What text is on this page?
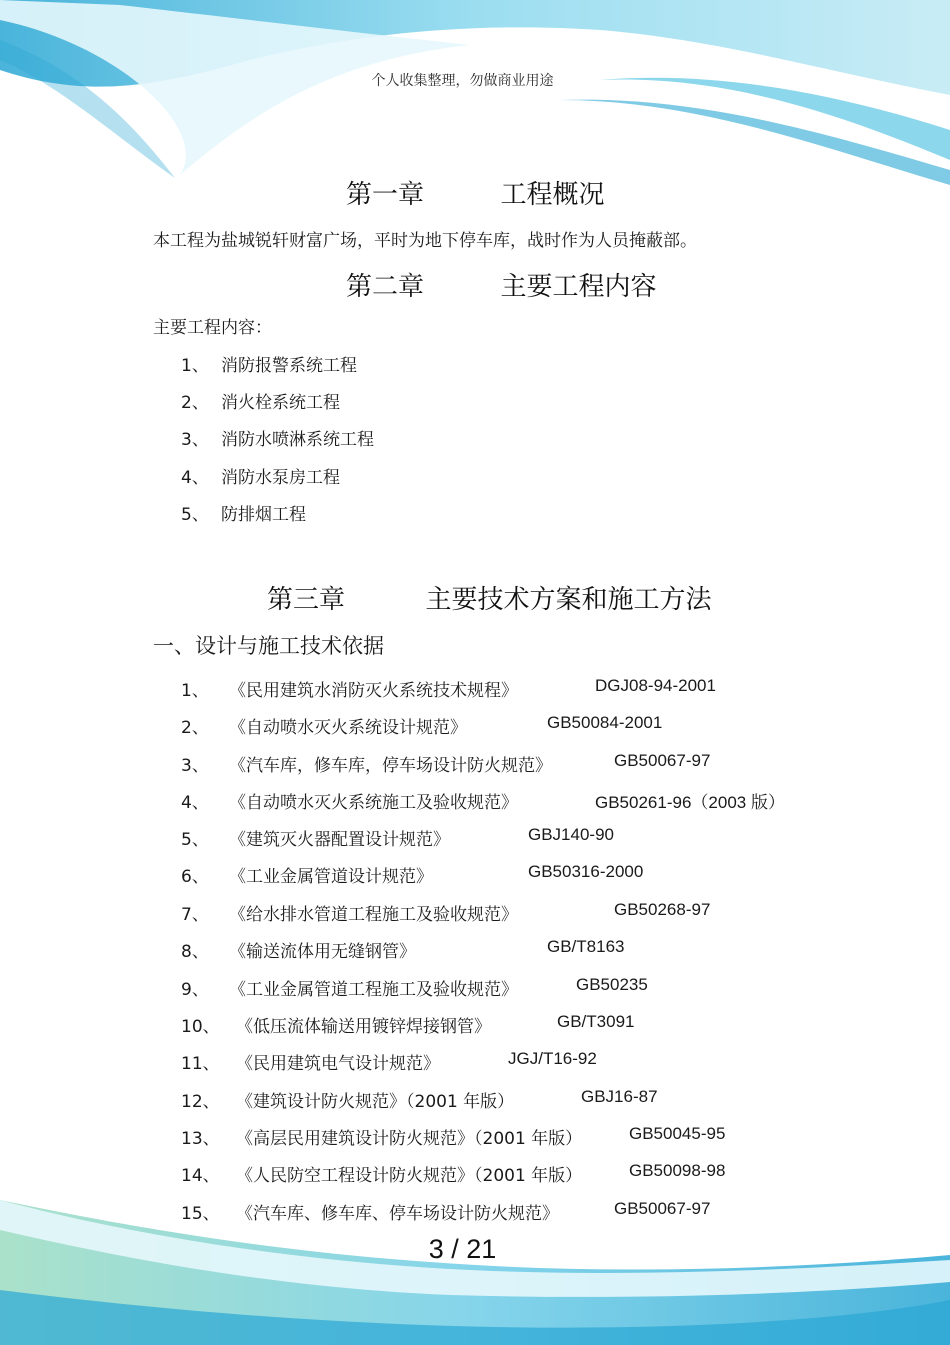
个人收集整理，勿做商业用途
第一章	工程概况
本工程为盐城锐轩财富广场，平时为地下停车库，战时作为人员掩蔽部。
第二章	主要工程内容
主要工程内容：
1、 消防报警系统工程
2、 消火栓系统工程
3、 消防水喷淋系统工程
4、 消防水泵房工程
5、 防排烟工程
第三章	主要技术方案和施工方法
一、设计与施工技术依据
1、 《民用建筑水消防灭火系统技术规程》	DGJ08-94-2001
2、 《自动喷水灭火系统设计规范》	GB50084-2001
3、 《汽车库，修车库，停车场设计防火规范》	GB50067-97
4、 《自动喷水灭火系统施工及验收规范》	GB50261-96（2003 版）
5、 《建筑灭火器配置设计规范》	GBJ140-90
6、 《工业金属管道设计规范》	GB50316-2000
7、 《给水排水管道工程施工及验收规范》	GB50268-97
8、 《输送流体用无缝钢管》	GB/T8163
9、 《工业金属管道工程施工及验收规范》	GB50235
10、 《低压流体输送用镀锌焊接钢管》	GB/T3091
11、 《民用建筑电气设计规范》	JGJ/T16-92
12、 《建筑设计防火规范》（2001 年版）	GBJ16-87
13、 《高层民用建筑设计防火规范》（2001 年版）	GB50045-95
14、 《人民防空工程设计防火规范》（2001 年版）	GB50098-98
15、 《汽车库、修车库、停车场设计防火规范》	GB50067-97
3 / 21
